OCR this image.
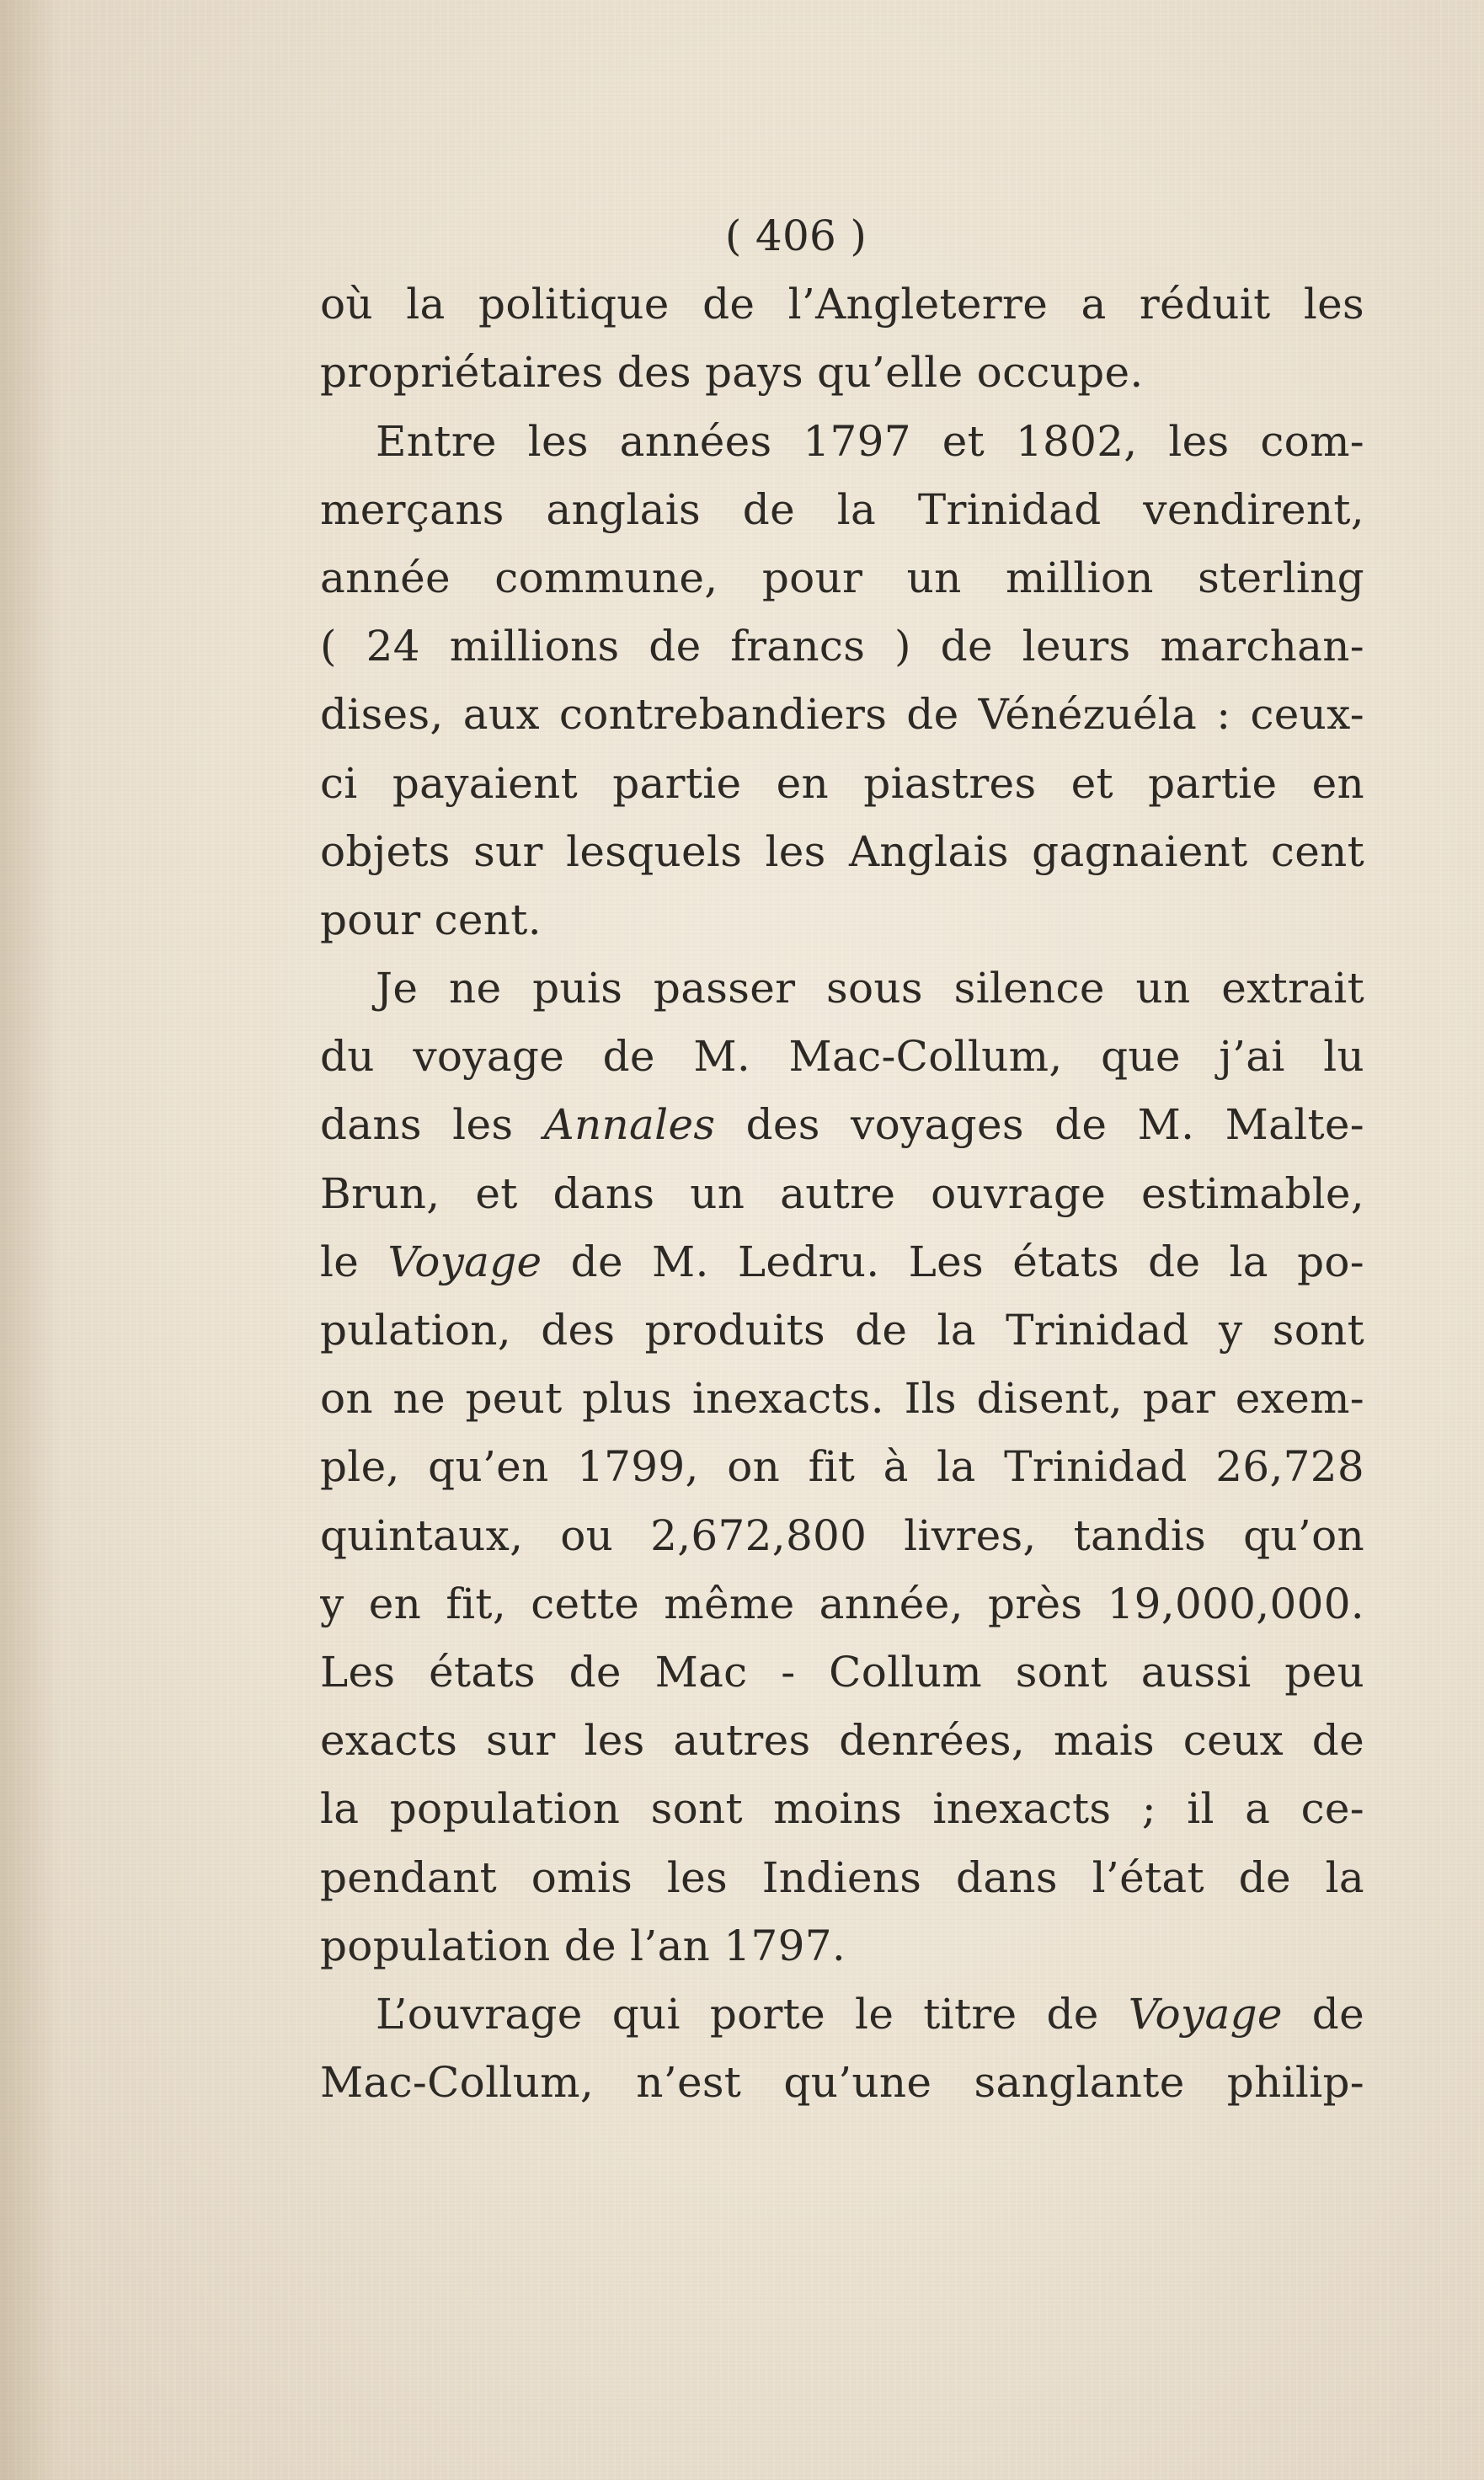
( 406 )
où la politique de l’Angleterre a réduit les
propriétaires des pays qu’elle occupe.
Entre les années 1797 et 1802, les com-
merçans anglais de la Trinidad vendirent,
année commune, pour un million sterling
( 24 millions de francs ) de leurs marchan-
dises, aux contrebandiers de Vénézuéla : ceux-
ci payaient partie en piastres et partie en
objets sur lesquels les Anglais gagnaient cent
pour cent.
Je ne puis passer sous silence un extrait
du voyage de M. Mac-Collum, que j’ai lu
dans les Annales des voyages de M. Malte-
Brun, et dans un autre ouvrage estimable,
le Voyage de M. Ledru. Les états de la po-
pulation, des produits de la Trinidad y sont
on ne peut plus inexacts. Ils disent, par exem-
ple, qu’en 1799, on fit à la Trinidad 26,728
quintaux, ou 2,672,800 livres, tandis qu’on
y en fit, cette même année, près 19,000,000.
Les états de Mac - Collum sont aussi peu
exacts sur les autres denrées, mais ceux de
la population sont moins inexacts ; il a ce-
pendant omis les Indiens dans l’état de la
population de l’an 1797.
L’ouvrage qui porte le titre de Voyage de
Mac-Collum, n’est qu’une sanglante philip-
